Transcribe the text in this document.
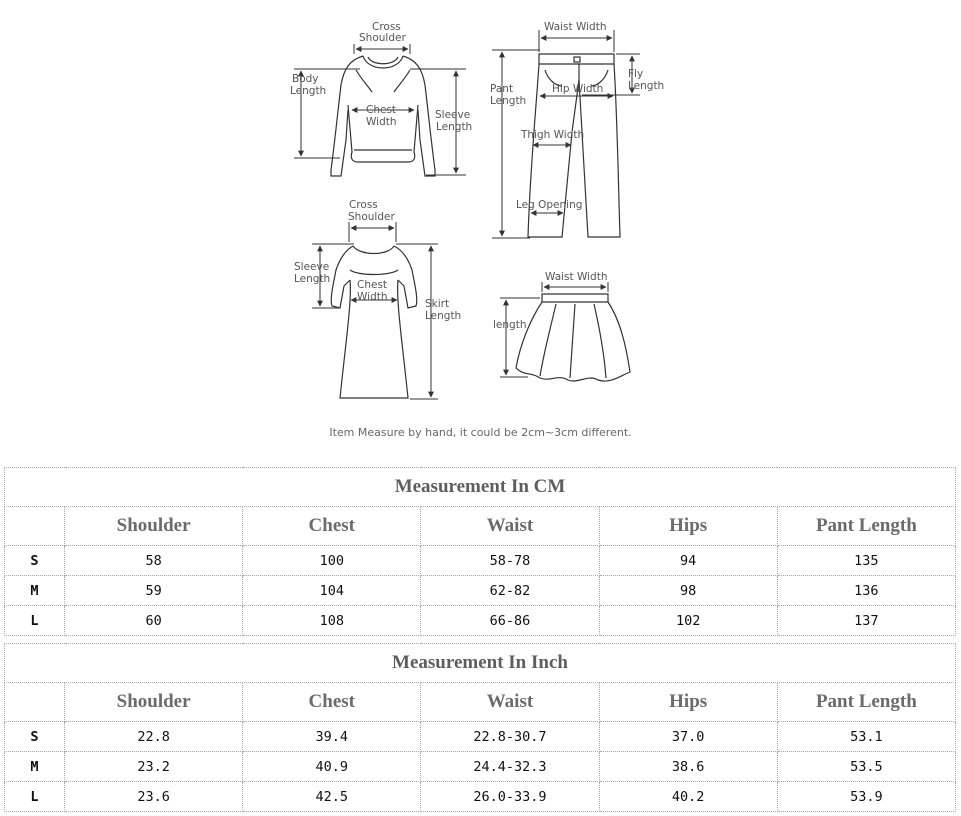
Cross
Shoulder
Body
Length
Chest
Width
Sleeve
Length
Waist Width
Pant
Length
Hip Width
Fly
Length
Thigh Width
Leg Opening
Cross
Shoulder
Sleeve
Length	Chest
Width
Skirt
Length
Waist Width
length
Item Measure by hand, it could be 2cm~3cm different.
Measurement In CM					
	Shoulder	Chest	Waist	Hips	Pant Length
S	58	100	58-78	94	135
M	59	104	62-82	98	136
L	60	108	66-86	102	137
Measurement In Inch					
	Shoulder	Chest	Waist	Hips	Pant Length
S	22.8	39.4	22.8-30.7	37.0	53.1
M	23.2	40.9	24.4-32.3	38.6	53.5
L	23.6	42.5	26.0-33.9	40.2	53.9
